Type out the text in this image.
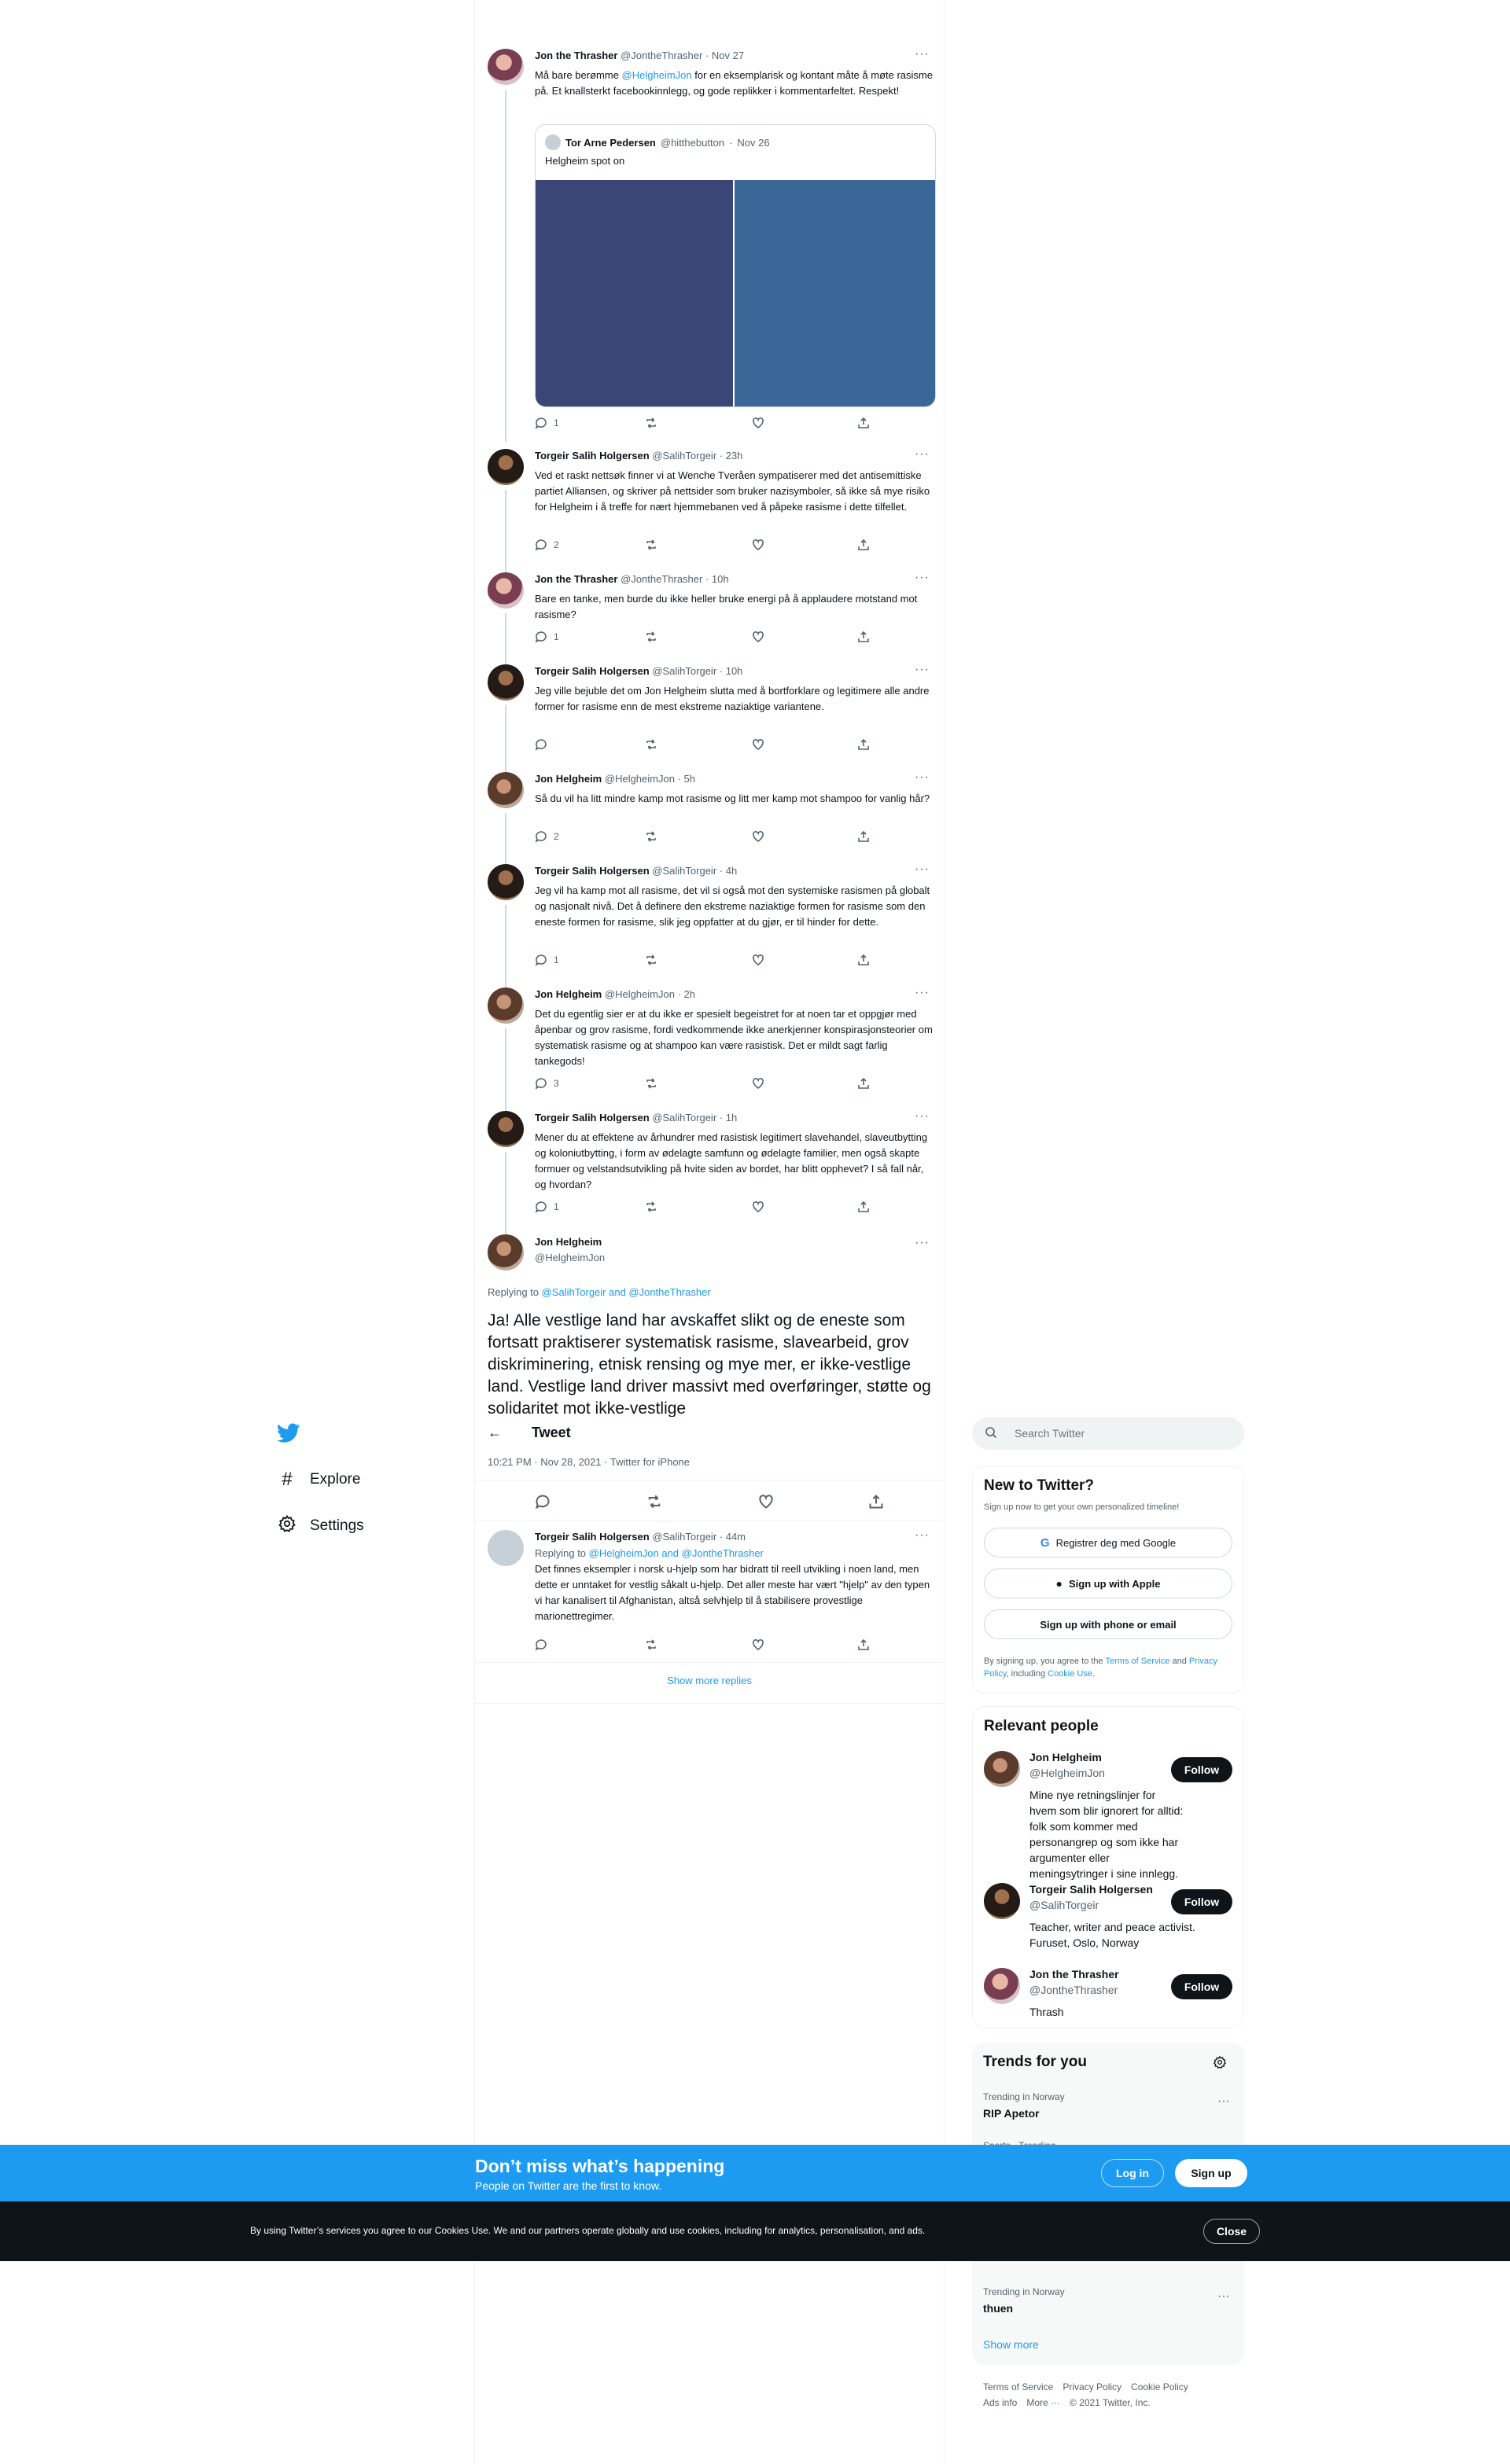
Jon the Thrasher @JontheThrasher · Nov 27	···
Må bare berømme @HelgheimJon for en eksemplarisk og kontant måte å møte rasisme på. Et knallsterkt facebookinnlegg, og gode replikker i kommentarfeltet. Respekt!
Tor Arne Pedersen @hitthebutton · Nov 26
Helgheim spot on
1
Torgeir Salih Holgersen @SalihTorgeir · 23h	···
Ved et raskt nettsøk finner vi at Wenche Tveråen sympatiserer med det antisemittiske partiet Alliansen, og skriver på nettsider som bruker nazisymboler, så ikke så mye risiko for Helgheim i å treffe for nært hjemmebanen ved å påpeke rasisme i dette tilfellet.
2
Jon the Thrasher @JontheThrasher · 10h	···
Bare en tanke, men burde du ikke heller bruke energi på å applaudere motstand mot rasisme?
1
Torgeir Salih Holgersen @SalihTorgeir · 10h	···
Jeg ville bejuble det om Jon Helgheim slutta med å bortforklare og legitimere alle andre former for rasisme enn de mest ekstreme naziaktige variantene.
Jon Helgheim @HelgheimJon · 5h	···
Så du vil ha litt mindre kamp mot rasisme og litt mer kamp mot shampoo for vanlig hår?
2
Torgeir Salih Holgersen @SalihTorgeir · 4h	···
Jeg vil ha kamp mot all rasisme, det vil si også mot den systemiske rasismen på globalt og nasjonalt nivå. Det å definere den ekstreme naziaktige formen for rasisme som den eneste formen for rasisme, slik jeg oppfatter at du gjør, er til hinder for dette.
1
Jon Helgheim @HelgheimJon · 2h	···
Det du egentlig sier er at du ikke er spesielt begeistret for at noen tar et oppgjør med åpenbar og grov rasisme, fordi vedkommende ikke anerkjenner konspirasjonsteorier om systematisk rasisme og at shampoo kan være rasistisk. Det er mildt sagt farlig tankegods!
3
Torgeir Salih Holgersen @SalihTorgeir · 1h	···
Mener du at effektene av århundrer med rasistisk legitimert slavehandel, slaveutbytting og koloniutbytting, i form av ødelagte samfunn og ødelagte familier, men også skapte formuer og velstandsutvikling på hvite siden av bordet, har blitt opphevet? I så fall når, og hvordan?
1
Jon Helgheim
@HelgheimJon
···
Replying to @SalihTorgeir and @JontheThrasher
Ja! Alle vestlige land har avskaffet slikt og de eneste som fortsatt praktiserer systematisk rasisme, slavearbeid, grov diskriminering, etnisk rensing og mye mer, er ikke-vestlige land. Vestlige land driver massivt med overføringer, støtte og solidaritet mot ikke-vestlige
← Tweet
10:21 PM · Nov 28, 2021 · Twitter for iPhone
Torgeir Salih Holgersen @SalihTorgeir · 44m	···
Replying to @HelgheimJon and @JontheThrasher
Det finnes eksempler i norsk u-hjelp som har bidratt til reell utvikling i noen land, men dette er unntaket for vestlig såkalt u-hjelp. Det aller meste har vært "hjelp" av den typen vi har kanalisert til Afghanistan, altså selvhjelp til å stabilisere provestlige marionettregimer.
Show more replies
#	Explore
Settings
Search Twitter
New to Twitter?
Sign up now to get your own personalized timeline!
G Registrer deg med Google
● Sign up with Apple
Sign up with phone or email
By signing up, you agree to the Terms of Service and Privacy Policy, including Cookie Use.
Relevant people
Jon Helgheim
@HelgheimJon
Mine nye retningslinjer for hvem som blir ignorert for alltid: folk som kommer med personangrep og som ikke har argumenter eller meningsytringer i sine innlegg.
Follow
Torgeir Salih Holgersen
@SalihTorgeir
Teacher, writer and peace activist. Furuset, Oslo, Norway
Follow
Jon the Thrasher
@JontheThrasher
Thrash
Follow
Trends for you
Trending in Norway
RIP Apetor
···
Trending in Norway
thuen
···
Show more
Terms of Service Privacy Policy Cookie Policy
Ads info More ··· © 2021 Twitter, Inc.
Don’t miss what’s happening
People on Twitter are the first to know.
Log in	Sign up
By using Twitter’s services you agree to our Cookies Use. We and our partners operate globally and use cookies, including for analytics, personalisation, and ads.	Close
